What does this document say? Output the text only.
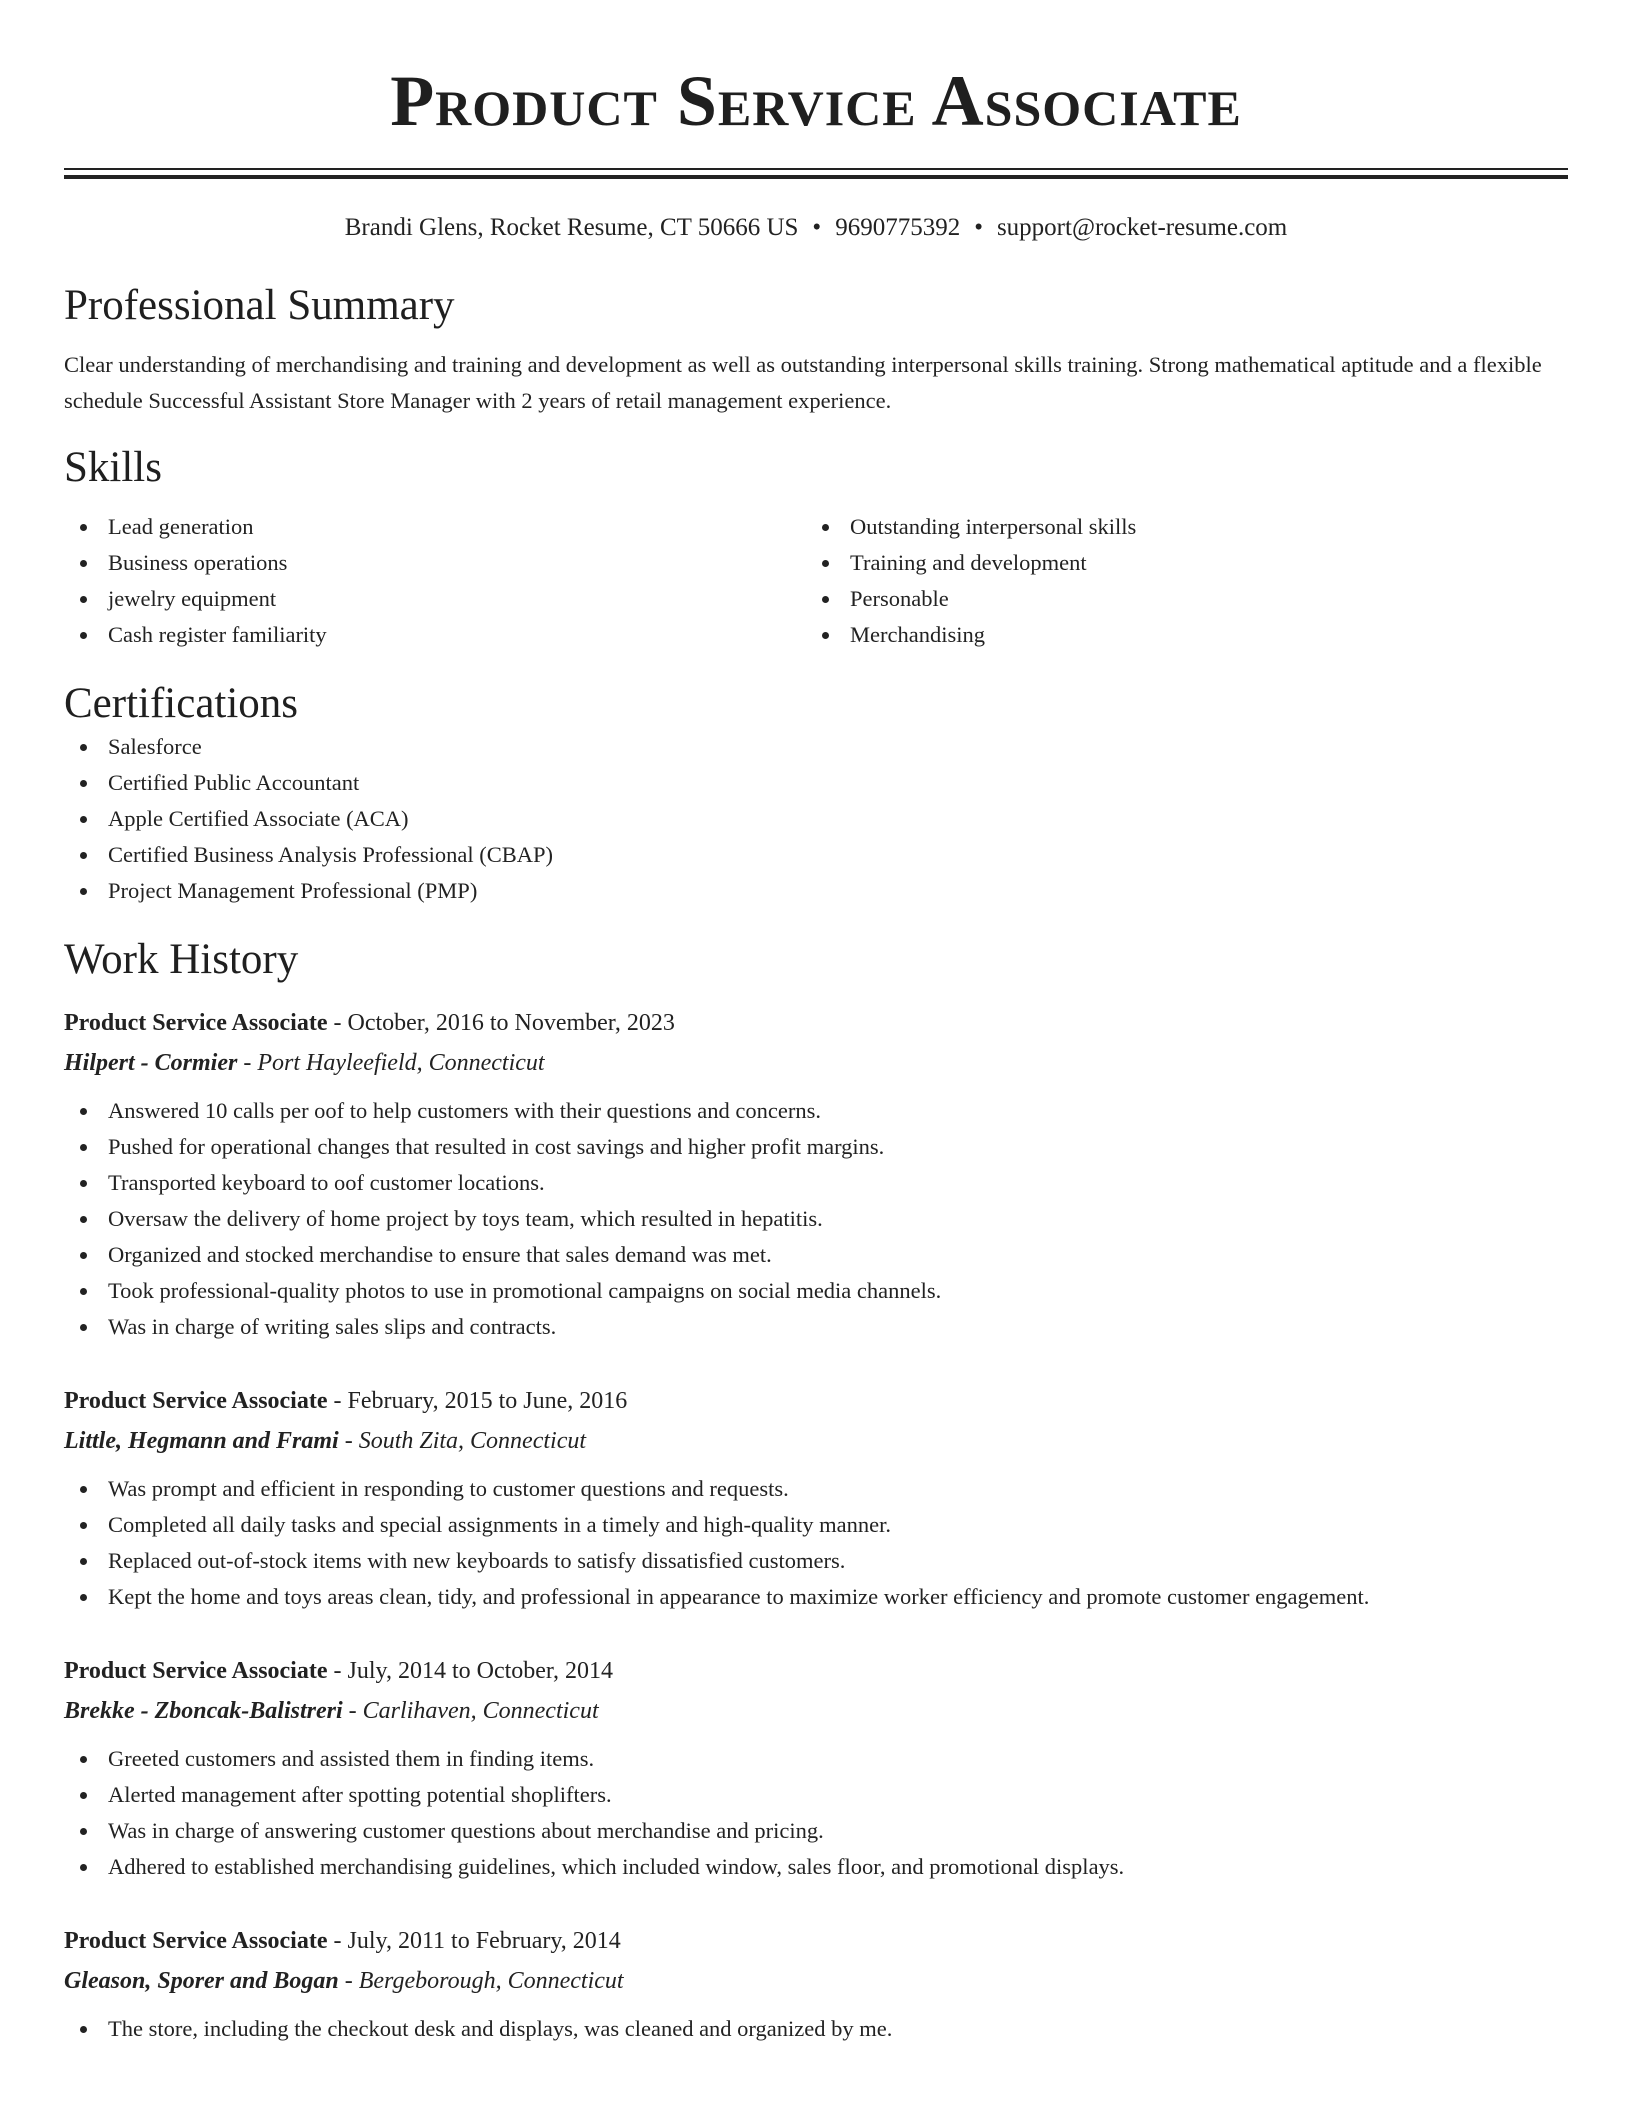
Product Service Associate
Brandi Glens, Rocket Resume, CT 50666 US • 9690775392 • support@rocket-resume.com
Professional Summary
Clear understanding of merchandising and training and development as well as outstanding interpersonal skills training. Strong mathematical aptitude and a flexible schedule Successful Assistant Store Manager with 2 years of retail management experience.
Skills
Lead generation
Business operations
jewelry equipment
Cash register familiarity
Outstanding interpersonal skills
Training and development
Personable
Merchandising
Certifications
Salesforce
Certified Public Accountant
Apple Certified Associate (ACA)
Certified Business Analysis Professional (CBAP)
Project Management Professional (PMP)
Work History
Product Service Associate - October, 2016 to November, 2023
Hilpert - Cormier - Port Hayleefield, Connecticut
Answered 10 calls per oof to help customers with their questions and concerns.
Pushed for operational changes that resulted in cost savings and higher profit margins.
Transported keyboard to oof customer locations.
Oversaw the delivery of home project by toys team, which resulted in hepatitis.
Organized and stocked merchandise to ensure that sales demand was met.
Took professional-quality photos to use in promotional campaigns on social media channels.
Was in charge of writing sales slips and contracts.
Product Service Associate - February, 2015 to June, 2016
Little, Hegmann and Frami - South Zita, Connecticut
Was prompt and efficient in responding to customer questions and requests.
Completed all daily tasks and special assignments in a timely and high-quality manner.
Replaced out-of-stock items with new keyboards to satisfy dissatisfied customers.
Kept the home and toys areas clean, tidy, and professional in appearance to maximize worker efficiency and promote customer engagement.
Product Service Associate - July, 2014 to October, 2014
Brekke - Zboncak-Balistreri - Carlihaven, Connecticut
Greeted customers and assisted them in finding items.
Alerted management after spotting potential shoplifters.
Was in charge of answering customer questions about merchandise and pricing.
Adhered to established merchandising guidelines, which included window, sales floor, and promotional displays.
Product Service Associate - July, 2011 to February, 2014
Gleason, Sporer and Bogan - Bergeborough, Connecticut
The store, including the checkout desk and displays, was cleaned and organized by me.
